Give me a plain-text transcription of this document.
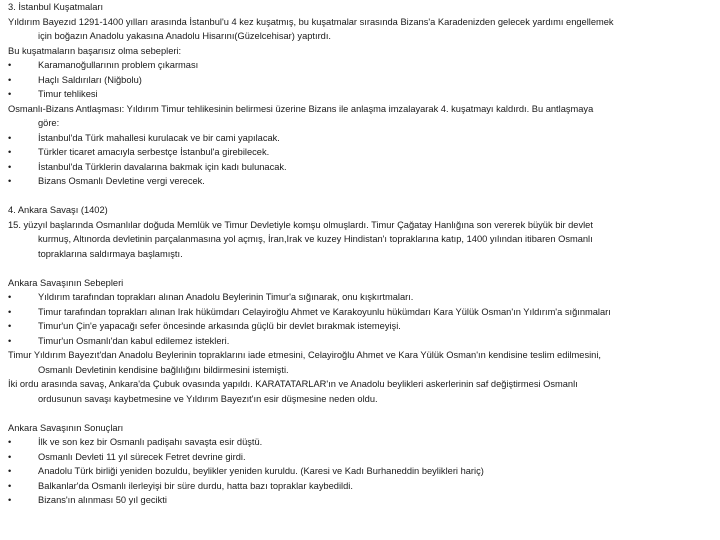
3. İstanbul Kuşatmaları
Yıldırım Bayezıd 1291-1400 yılları arasında İstanbul'u 4 kez kuşatmış, bu kuşatmalar sırasında Bizans'a Karadenizden gelecek yardımı engellemek
için boğazın Anadolu yakasına Anadolu Hisarını(Güzelcehisar) yaptırdı.
Bu kuşatmaların başarısız olma sebepleri:
•	Karamanoğullarının problem çıkarması
•	Haçlı Saldırıları (Niğbolu)
•	Timur tehlikesi
Osmanlı-Bizans Antlaşması: Yıldırım Timur tehlikesinin belirmesi üzerine Bizans ile anlaşma imzalayarak 4. kuşatmayı kaldırdı. Bu antlaşmaya
göre:
•	İstanbul'da Türk mahallesi kurulacak ve bir cami yapılacak.
•	Türkler ticaret amacıyla serbestçe İstanbul'a girebilecek.
•	İstanbul'da Türklerin davalarına bakmak için kadı bulunacak.
•	Bizans Osmanlı Devletine vergi verecek.
4. Ankara Savaşı (1402)
15. yüzyıl başlarında Osmanlılar doğuda Memlük ve Timur Devletiyle komşu olmuşlardı. Timur Çağatay Hanlığına son vererek büyük bir devlet
kurmuş, Altınorda devletinin parçalanmasına yol açmış, İran,Irak ve kuzey Hindistan'ı topraklarına katıp, 1400 yılından itibaren Osmanlı
topraklarına saldırmaya başlamıştı.
Ankara Savaşının Sebepleri
•	Yıldırım tarafından toprakları alınan Anadolu Beylerinin Timur'a sığınarak, onu kışkırtmaları.
•	Timur tarafından toprakları alınan Irak hükümdarı Celayiroğlu Ahmet ve Karakoyunlu hükümdarı Kara Yülük Osman'ın Yıldırım'a sığınmaları
•	Timur'un Çin'e yapacağı sefer öncesinde arkasında güçlü bir devlet bırakmak istemeyişi.
•	Timur'un Osmanlı'dan kabul edilemez istekleri.
Timur Yıldırım Bayezıt'dan Anadolu Beylerinin topraklarını iade etmesini, Celayiroğlu Ahmet ve Kara Yülük Osman'ın kendisine teslim edilmesini,
Osmanlı Devletinin kendisine bağlılığını bildirmesini istemişti.
İki ordu arasında savaş, Ankara'da Çubuk ovasında yapıldı. KARATATARLAR'ın ve Anadolu beylikleri askerlerinin saf değiştirmesi Osmanlı
ordusunun savaşı kaybetmesine ve Yıldırım Bayezıt'ın esir düşmesine neden oldu.
Ankara Savaşının Sonuçları
•	İlk ve son kez bir Osmanlı padişahı savaşta esir düştü.
•	Osmanlı Devleti 11 yıl sürecek Fetret devrine girdi.
•	Anadolu Türk birliği yeniden bozuldu, beylikler yeniden kuruldu. (Karesi ve Kadı Burhaneddin beylikleri hariç)
•	Balkanlar'da Osmanlı ilerleyişi bir süre durdu, hatta bazı topraklar kaybedildi.
•	Bizans'ın alınması 50 yıl gecikti
